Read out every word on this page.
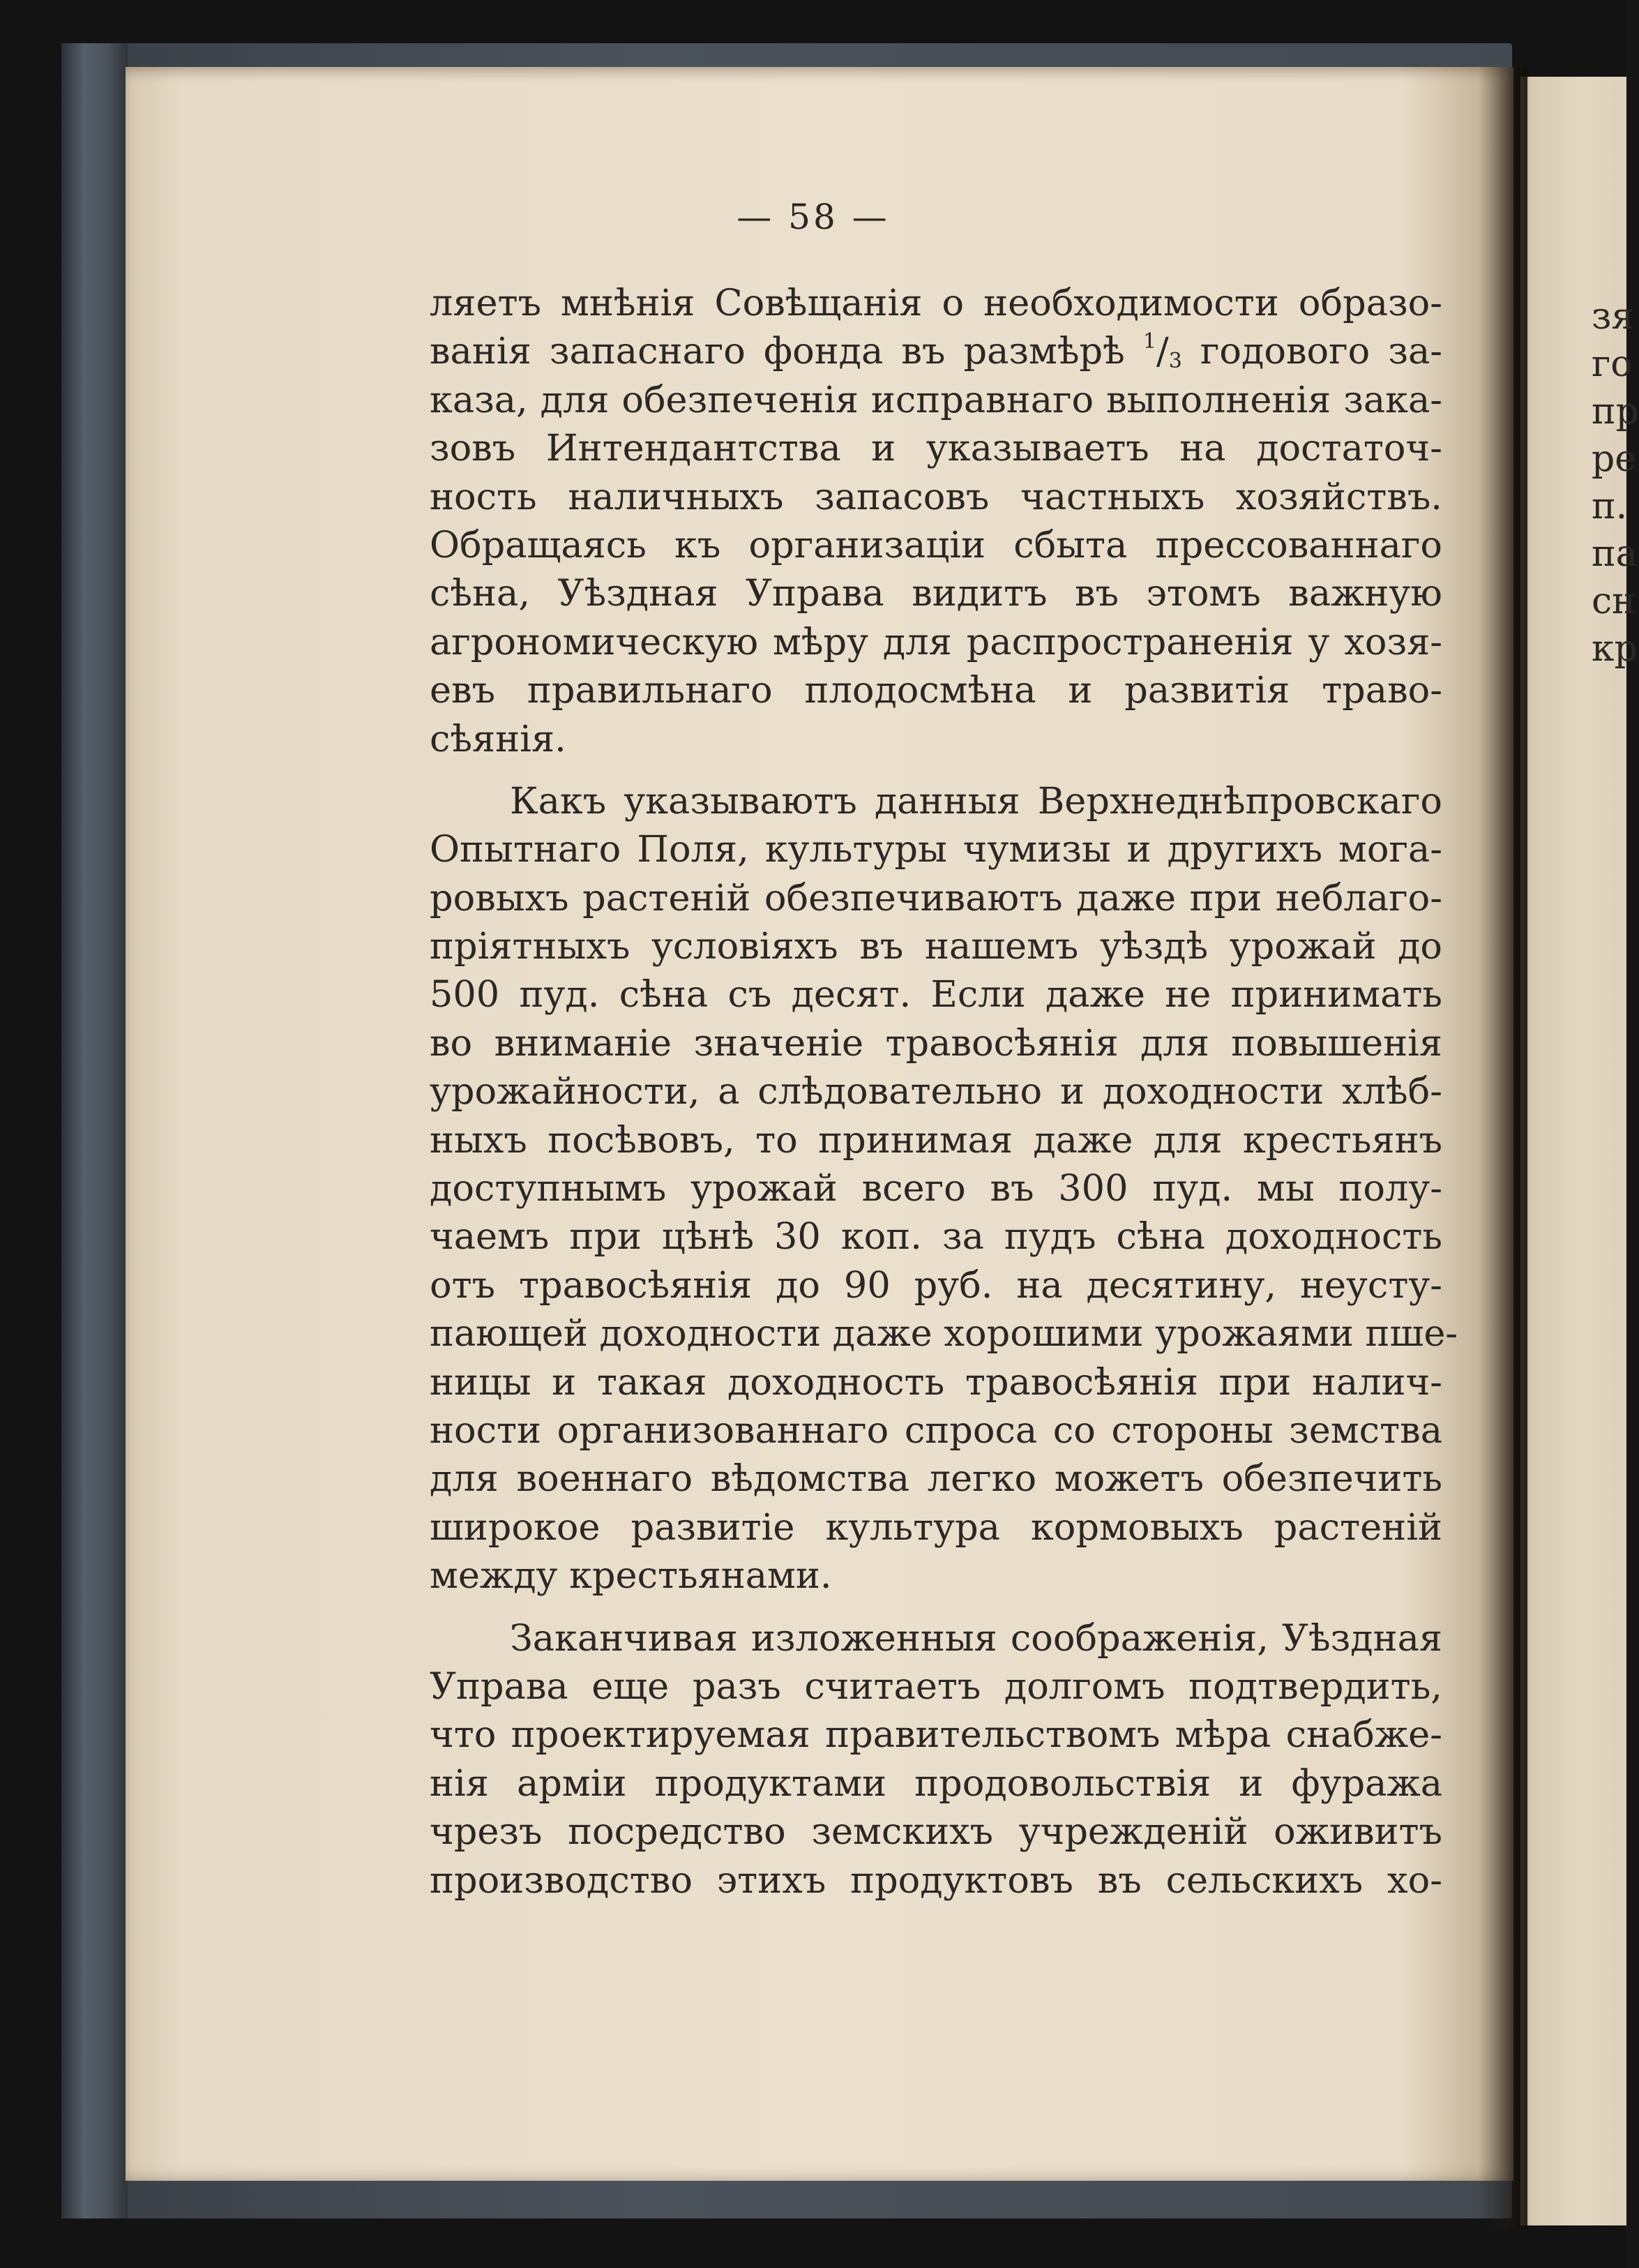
— 58 —
ляетъ мнѣнія Совѣщанія о необходимости образо-
ванія запаснаго фонда въ размѣрѣ $^1/_3$ годового за-
каза, для обезпеченія исправнаго выполненія зака-
зовъ Интендантства и указываетъ на достаточ-
ность наличныхъ запасовъ частныхъ хозяйствъ.
Обращаясь къ организаціи сбыта прессованнаго
сѣна, Уѣздная Управа видитъ въ этомъ важную
агрономическую мѣру для распространенія у хозя-
евъ правильнаго плодосмѣна и развитія траво-
сѣянія.
Какъ указываютъ данныя Верхнеднѣпровскаго
Опытнаго Поля, культуры чумизы и другихъ мога-
ровыхъ растеній обезпечиваютъ даже при неблаго-
пріятныхъ условіяхъ въ нашемъ уѣздѣ урожай до
500 пуд. сѣна съ десят. Если даже не принимать
во вниманіе значеніе травосѣянія для повышенія
урожайности, а слѣдовательно и доходности хлѣб-
ныхъ посѣвовъ, то принимая даже для крестьянъ
доступнымъ урожай всего въ 300 пуд. мы полу-
чаемъ при цѣнѣ 30 коп. за пудъ сѣна доходность
отъ травосѣянія до 90 руб. на десятину, неусту-
пающей доходности даже хорошими урожаями пше-
ницы и такая доходность травосѣянія при налич-
ности организованнаго спроса со стороны земства
для военнаго вѣдомства легко можетъ обезпечить
широкое развитіе культура кормовыхъ растеній
между крестьянами.
Заканчивая изложенныя соображенія, Уѣздная
Управа еще разъ считаетъ долгомъ подтвердить,
что проектируемая правительствомъ мѣра снабже-
нія арміи продуктами продовольствія и фуража
чрезъ посредство земскихъ учрежденій оживитъ
производство этихъ продуктовъ въ сельскихъ хо-
зя
го
пр
ре
п.
па
сн
кр
